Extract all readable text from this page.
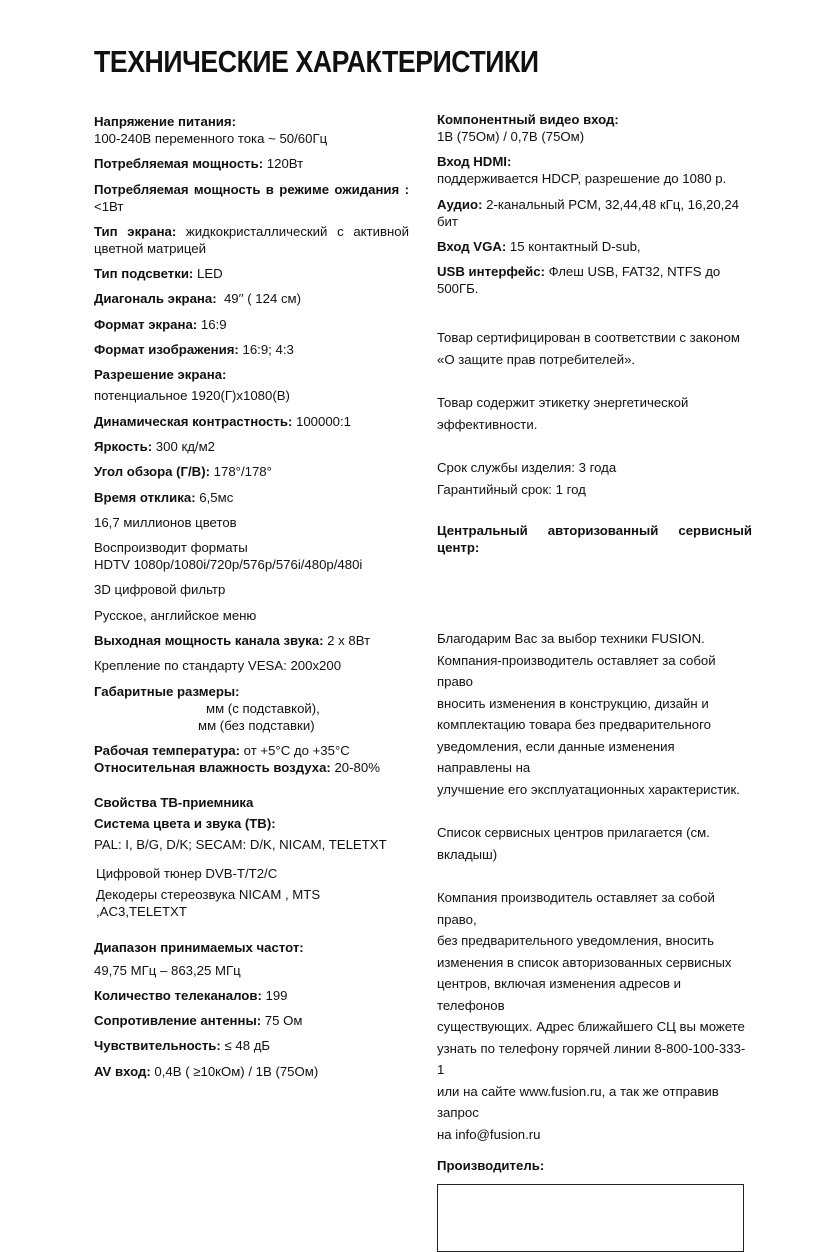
ТЕХНИЧЕСКИЕ ХАРАКТЕРИСТИКИ
Напряжение питания:
100-240В переменного тока ~ 50/60Гц
Потребляемая мощность: 120Вт
Потребляемая мощность в режиме ожидания :
<1Вт
Тип экрана: жидкокристаллический с активной цветной матрицей
Тип подсветки: LED
Диагональ экрана:  49′′ ( 124 см)
Формат экрана: 16:9
Формат изображения: 16:9; 4:3
Разрешение экрана:
потенциальное 1920(Г)x1080(В)
Динамическая контрастность: 100000:1
Яркость: 300 кд/м2
Угол обзора (Г/В): 178°/178°
Время отклика: 6,5мс
16,7 миллионов цветов
Воспроизводит форматы
HDTV 1080p/1080i/720p/576p/576i/480p/480i
3D цифровой фильтр
Русское, английское меню
Выходная мощность канала звука: 2 х 8Вт
Крепление по стандарту VESA: 200x200
Габаритные размеры:
мм (с подставкой),
мм (без подставки)
Рабочая температура: от +5°С до +35°С
Относительная влажность воздуха: 20-80%
Свойства ТВ-приемника
Система цвета и звука (ТВ):
PAL: I, B/G, D/K; SECAM: D/K, NICAM, TELETXT
Цифровой тюнер DVB-T/T2/C
Декодеры стереозвука NICAM , MTS ,AC3,TELETXT
Диапазон принимаемых частот:
49,75 МГц – 863,25 МГц
Количество телеканалов: 199
Сопротивление антенны: 75 Ом
Чувствительность: ≤ 48 дБ
AV вход: 0,4В ( ≥10кОм) / 1В (75Ом)
Компонентный видео вход:
1В (75Ом) / 0,7В (75Ом)
Вход HDMI:
поддерживается HDCP, разрешение до 1080 р.
Аудио: 2-канальный PCM, 32,44,48 кГц, 16,20,24 бит
Вход VGA: 15 контактный D-sub,
USB интерфейс: Флеш USB, FAT32, NTFS до 500ГБ.
Товар сертифицирован в соответствии с законом
«О защите прав потребителей».
Товар содержит этикетку энергетической эффективности.
Срок службы изделия: 3 года
Гарантийный срок: 1 год
Центральный авторизованный сервисный
центр:
Благодарим Вас за выбор техники FUSION.
Компания-производитель оставляет за собой право
вносить изменения в конструкцию, дизайн и
комплектацию товара без предварительного
уведомления, если данные изменения направлены на
улучшение его эксплуатационных характеристик.
Список сервисных центров прилагается (см. вкладыш)
Компания производитель оставляет за собой право,
без предварительного уведомления, вносить
изменения в список авторизованных сервисных
центров, включая изменения адресов и телефонов
существующих. Адрес ближайшего СЦ вы можете
узнать по телефону горячей линии 8-800-100-333-1
или на сайте www.fusion.ru, а так же отправив запрос
на info@fusion.ru
Производитель:
